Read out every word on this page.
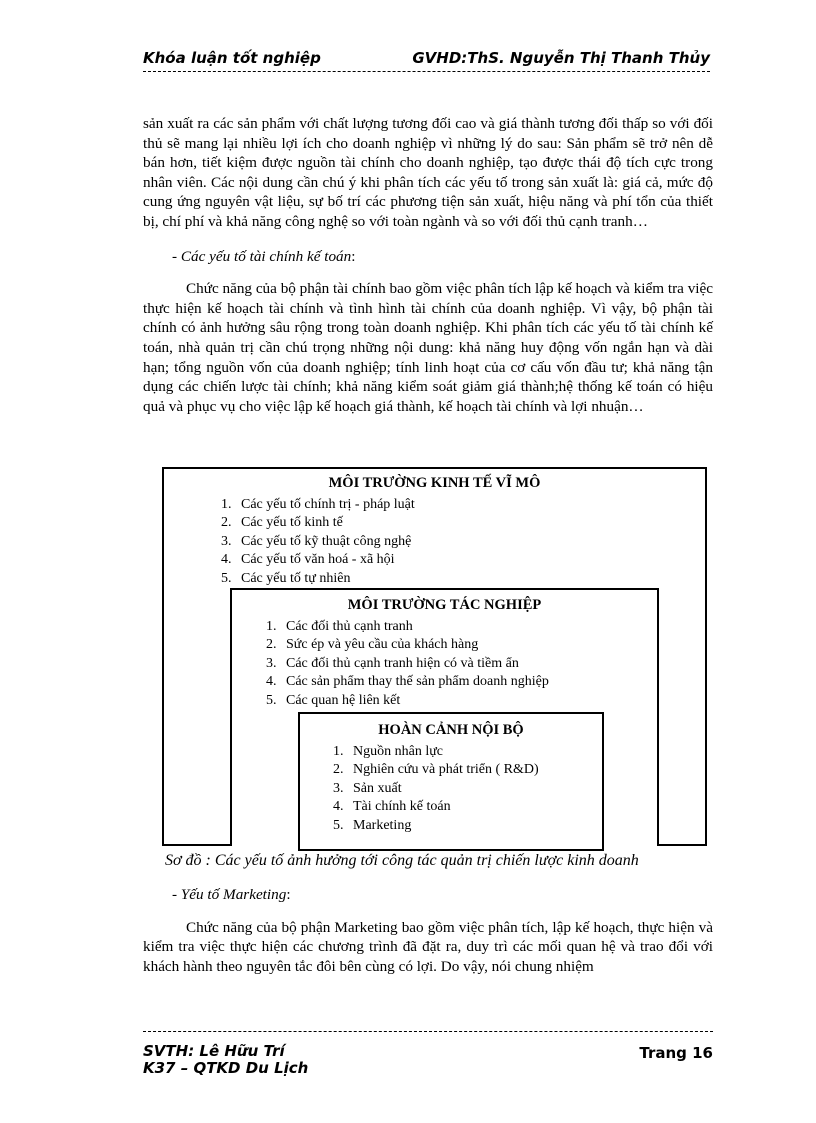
Khóa luận tốt nghiệp	GVHD:ThS. Nguyễn Thị Thanh Thủy

sản xuất ra các sản phẩm với chất lượng tương đối cao và giá thành tương đối thấp so với đối thủ sẽ mang lại nhiều lợi ích cho doanh nghiệp vì những lý do sau: Sản phẩm sẽ trở nên dễ bán hơn, tiết kiệm được nguồn tài chính cho doanh nghiệp, tạo được thái độ tích cực trong nhân viên. Các nội dung cần chú ý khi phân tích các yếu tố trong sản xuất là: giá cả, mức độ cung ứng nguyên vật liệu, sự bố trí các phương tiện sản xuất, hiệu năng và phí tổn của thiết bị, chí phí và khả năng công nghệ so với toàn ngành và so với đối thủ cạnh tranh…

- Các yếu tố tài chính kế toán:

Chức năng của bộ phận tài chính bao gồm việc phân tích lập kế hoạch và kiểm tra việc thực hiện kế hoạch tài chính và tình hình tài chính của doanh nghiệp. Vì vậy, bộ phận tài chính có ảnh hưởng sâu rộng trong toàn doanh nghiệp. Khi phân tích các yếu tố tài chính kế toán, nhà quản trị cần chú trọng những nội dung: khả năng huy động vốn ngắn hạn và dài hạn; tổng nguồn vốn của doanh nghiệp; tính linh hoạt của cơ cấu vốn đầu tư; khả năng tận dụng các chiến lược tài chính; khả năng kiểm soát giảm giá thành;hệ thống kế toán có hiệu quả và phục vụ cho việc lập kế hoạch giá thành, kế hoạch tài chính và lợi nhuận…

MÔI TRƯỜNG KINH TẾ VĨ MÔ
1. Các yếu tố chính trị - pháp luật
2. Các yếu tố kinh tế
3. Các yếu tố kỹ thuật công nghệ
4. Các yếu tố văn hoá - xã hội
5. Các yếu tố tự nhiên
MÔI TRƯỜNG TÁC NGHIỆP
1. Các đối thủ cạnh tranh
2. Sức ép và yêu cầu của khách hàng
3. Các đối thủ cạnh tranh hiện có và tiềm ẩn
4. Các sản phẩm thay thế sản phẩm doanh nghiệp
5. Các quan hệ liên kết
HOÀN CẢNH NỘI BỘ
1. Nguồn nhân lực
2. Nghiên cứu và phát triển ( R&D)
3. Sản xuất
4. Tài chính kế toán
5. Marketing
Sơ đồ : Các yếu tố ảnh hưởng tới công tác quản trị chiến lược kinh doanh

- Yếu tố Marketing:

Chức năng của bộ phận Marketing bao gồm việc phân tích, lập kế hoạch, thực hiện và kiểm tra việc thực hiện các chương trình đã đặt ra, duy trì các mối quan hệ và trao đổi với khách hành theo nguyên tắc đôi bên cùng có lợi. Do vậy, nói chung nhiệm

SVTH: Lê Hữu Trí
K37 – QTKD Du Lịch
Trang 16
